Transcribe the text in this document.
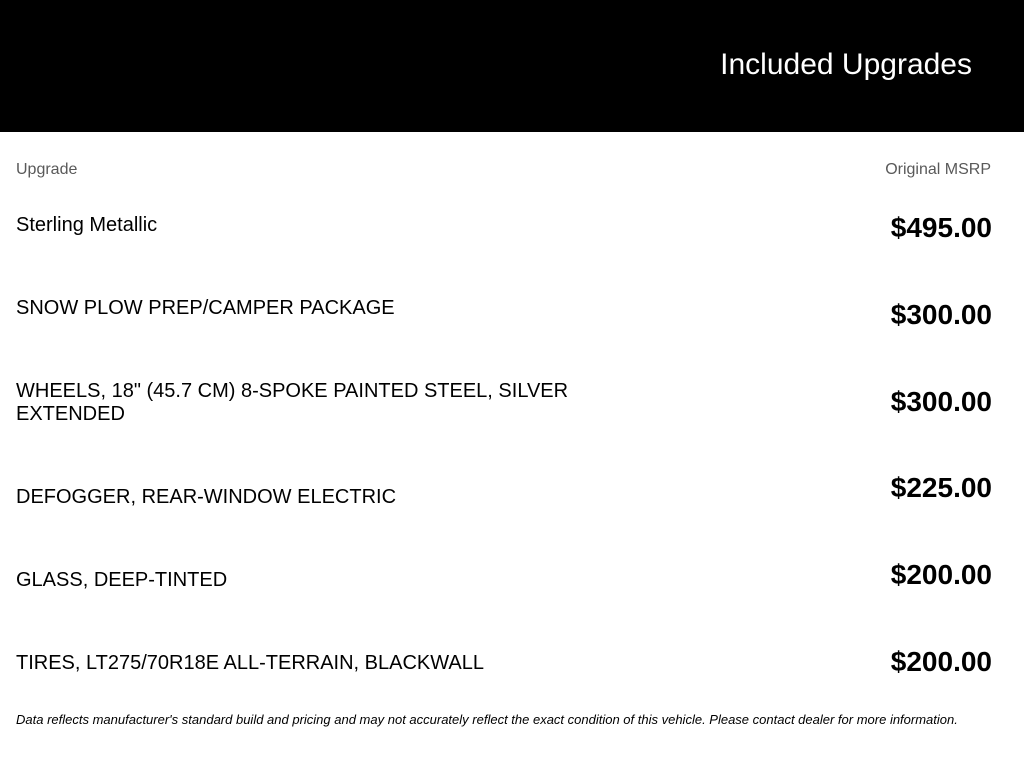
Included Upgrades
Upgrade	Original MSRP
Sterling Metallic	$495.00
SNOW PLOW PREP/CAMPER PACKAGE	$300.00
WHEELS, 18" (45.7 CM) 8-SPOKE PAINTED STEEL, SILVER EXTENDED	$300.00
DEFOGGER, REAR-WINDOW ELECTRIC	$225.00
GLASS, DEEP-TINTED	$200.00
TIRES, LT275/70R18E ALL-TERRAIN, BLACKWALL	$200.00
Data reflects manufacturer's standard build and pricing and may not accurately reflect the exact condition of this vehicle. Please contact dealer for more information.
